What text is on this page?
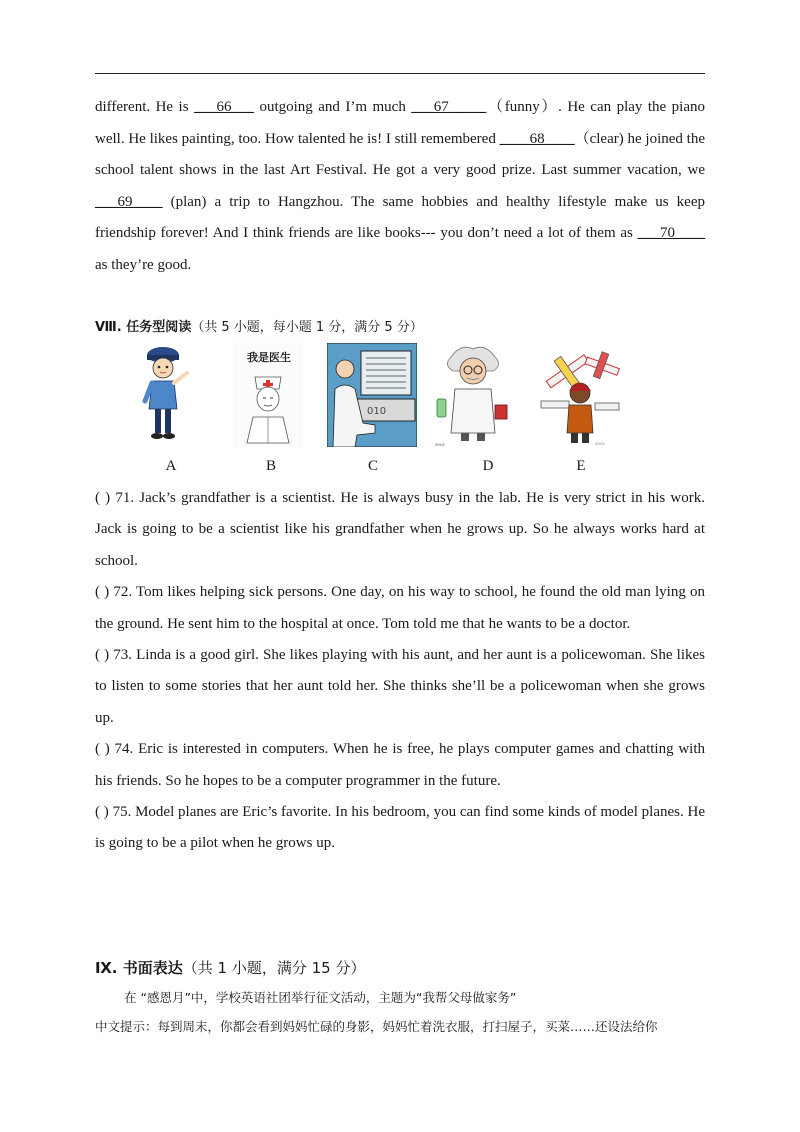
different. He is ___66___ outgoing and I’m much ___67_____（funny）. He can play the piano well. He likes painting, too. How talented he is! I still remembered ____68____（clear) he joined the school talent shows in the last Art Festival. He got a very good prize. Last summer vacation, we ___69____ (plan) a trip to Hangzhou. The same hobbies and healthy lifestyle make us keep friendship forever! And I think friends are like books--- you don’t need a lot of them as ___70____ as they’re good.

Ⅷ. 任务型阅读（共 5 小题，每小题 1 分，满分 5 分）
我是医生
010
www	www
A	B	C	D	E

( ) 71. Jack’s grandfather is a scientist. He is always busy in the lab. He is very strict in his work. Jack is going to be a scientist like his grandfather when he grows up. So he always works hard at school.

( ) 72. Tom likes helping sick persons. One day, on his way to school, he found the old man lying on the ground. He sent him to the hospital at once. Tom told me that he wants to be a doctor.

( ) 73. Linda is a good girl. She likes playing with his aunt, and her aunt is a policewoman. She likes to listen to some stories that her aunt told her. She thinks she’ll be a policewoman when she grows up.

( ) 74. Eric is interested in computers. When he is free, he plays computer games and chatting with his friends. So he hopes to be a computer programmer in the future.

( ) 75. Model planes are Eric’s favorite. In his bedroom, you can find some kinds of model planes. He is going to be a pilot when he grows up.

Ⅸ. 书面表达（共 1 小题，满分 15 分）
在 “感恩月”中，学校英语社团举行征文活动，主题为“我帮父母做家务”
中文提示：每到周末，你都会看到妈妈忙碌的身影，妈妈忙着洗衣服，打扫屋子，买菜……还设法给你
